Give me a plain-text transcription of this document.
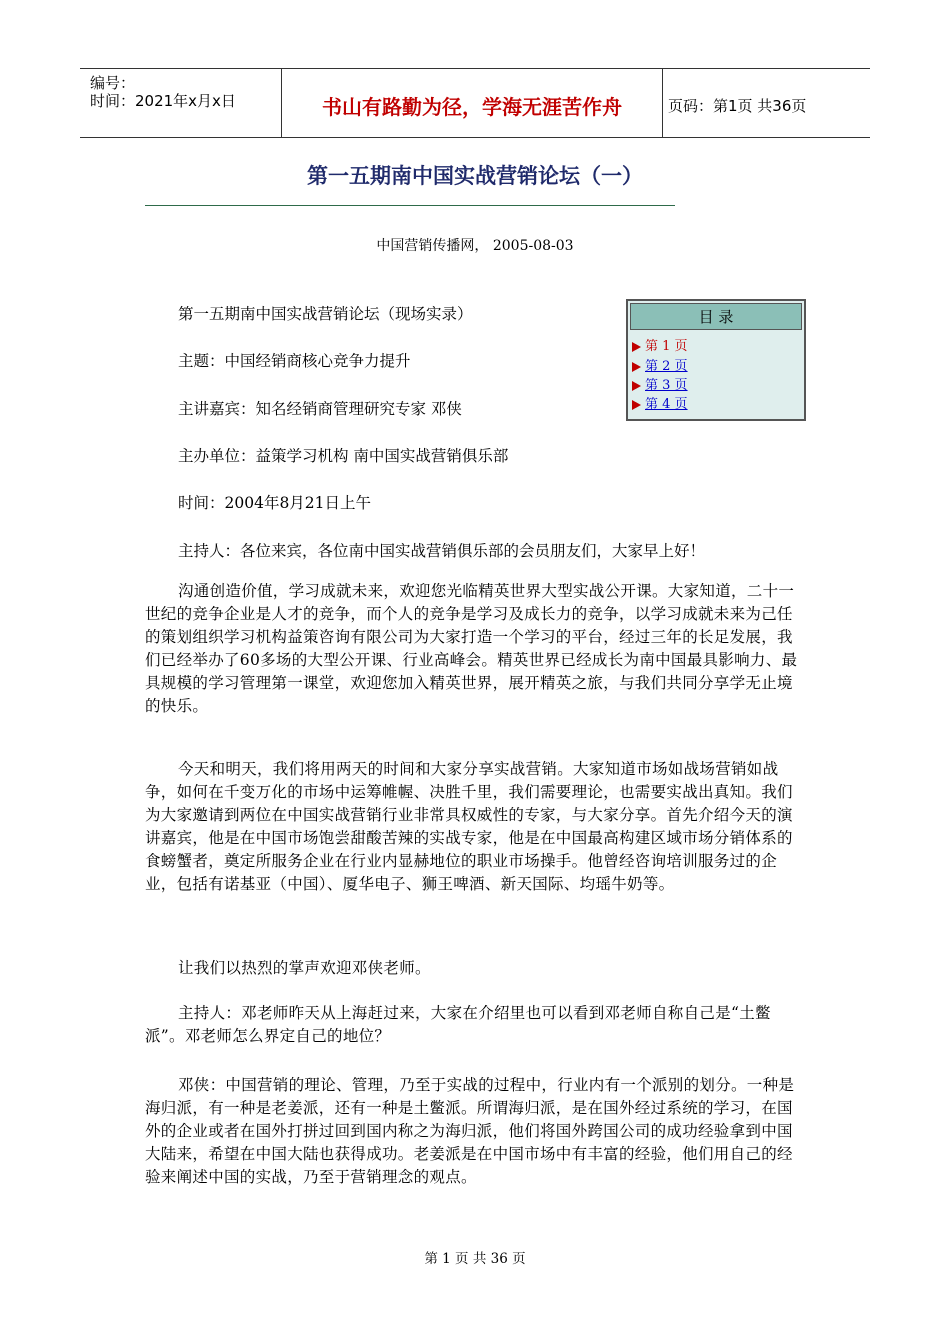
编号：
时间：2021年x月x日	书山有路勤为径，学海无涯苦作舟	页码：第1页 共36页
第一五期南中国实战营销论坛（一）
中国营销传播网， 2005-08-03
第一五期南中国实战营销论坛（现场实录）
主题：中国经销商核心竞争力提升
主讲嘉宾：知名经销商管理研究专家 邓侠
主办单位：益策学习机构 南中国实战营销俱乐部
时间：2004年8月21日上午
主持人：各位来宾，各位南中国实战营销俱乐部的会员朋友们，大家早上好！
目 录
第 1 页
第 2 页
第 3 页
第 4 页
沟通创造价值，学习成就未来，欢迎您光临精英世界大型实战公开课。大家知道，二十一世纪的竞争企业是人才的竞争，而个人的竞争是学习及成长力的竞争，以学习成就未来为己任的策划组织学习机构益策咨询有限公司为大家打造一个学习的平台，经过三年的长足发展，我们已经举办了60多场的大型公开课、行业高峰会。精英世界已经成长为南中国最具影响力、最具规模的学习管理第一课堂，欢迎您加入精英世界，展开精英之旅，与我们共同分享学无止境的快乐。
今天和明天，我们将用两天的时间和大家分享实战营销。大家知道市场如战场营销如战争，如何在千变万化的市场中运筹帷幄、决胜千里，我们需要理论，也需要实战出真知。我们为大家邀请到两位在中国实战营销行业非常具权威性的专家，与大家分享。首先介绍今天的演讲嘉宾，他是在中国市场饱尝甜酸苦辣的实战专家，他是在中国最高构建区域市场分销体系的食螃蟹者，奠定所服务企业在行业内显赫地位的职业市场操手。他曾经咨询培训服务过的企业，包括有诺基亚（中国）、厦华电子、狮王啤酒、新天国际、均瑶牛奶等。
让我们以热烈的掌声欢迎邓侠老师。
主持人：邓老师昨天从上海赶过来，大家在介绍里也可以看到邓老师自称自己是“土鳖派”。邓老师怎么界定自己的地位？
邓侠：中国营销的理论、管理，乃至于实战的过程中，行业内有一个派别的划分。一种是海归派，有一种是老姜派，还有一种是土鳖派。所谓海归派，是在国外经过系统的学习，在国外的企业或者在国外打拼过回到国内称之为海归派，他们将国外跨国公司的成功经验拿到中国大陆来，希望在中国大陆也获得成功。老姜派是在中国市场中有丰富的经验，他们用自己的经验来阐述中国的实战，乃至于营销理念的观点。
第 1 页 共 36 页
